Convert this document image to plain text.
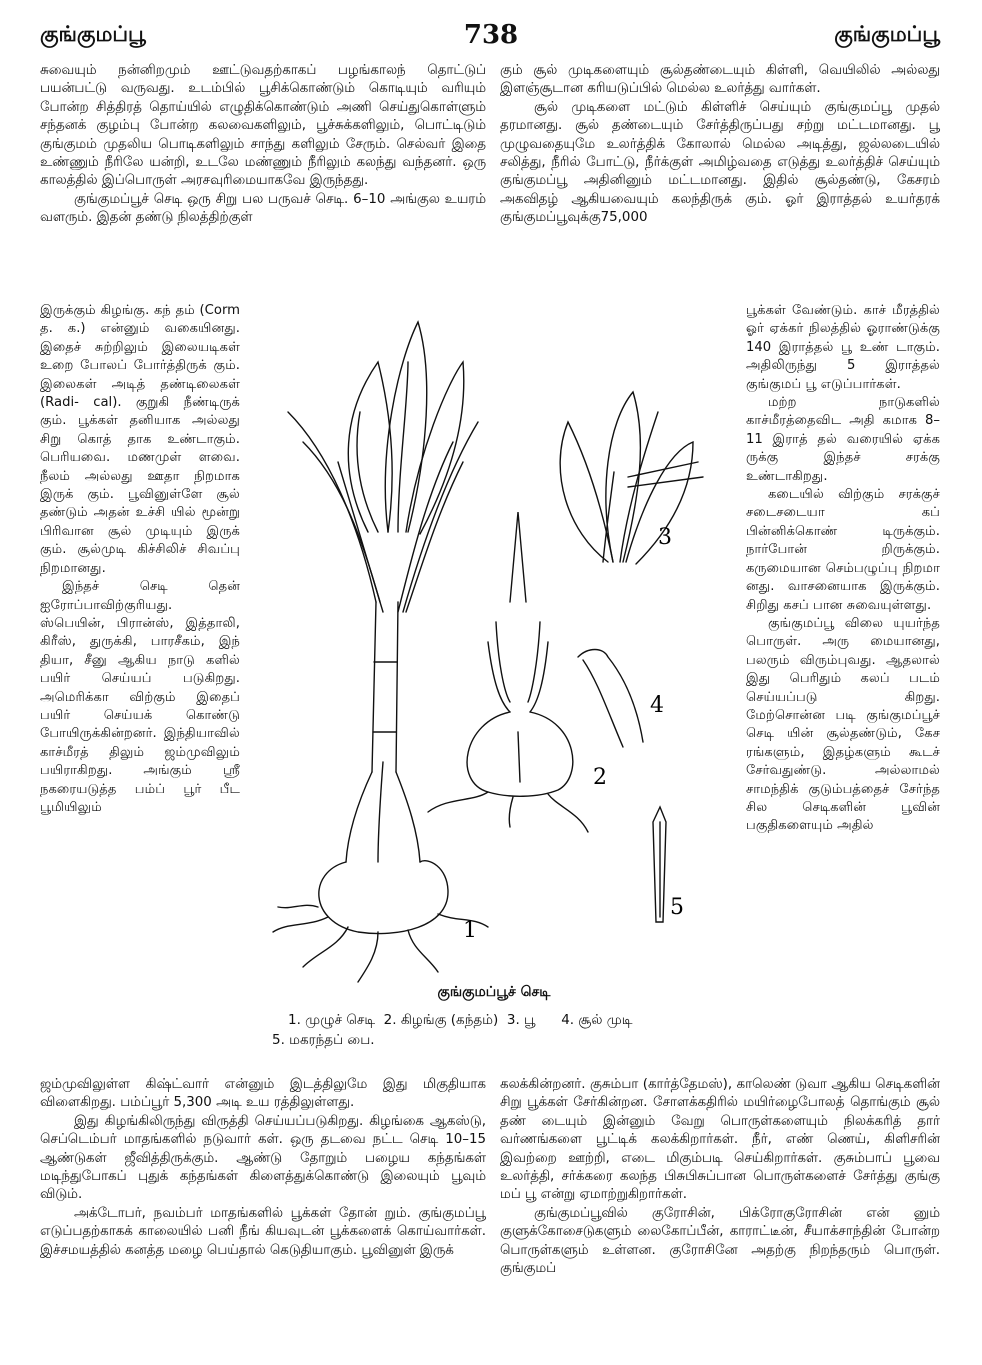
குங்குமப்பூ	738	குங்குமப்பூ

சுவையும் நன்னிறமும் ஊட்டுவதற்காகப் பழங்காலந் தொட்டுப் பயன்பட்டு வருவது. உடம்பில் பூசிக்கொண்டும் கொடியும் வரியும் போன்ற சித்திரத் தொய்யில் எழுதிக்கொண்டும் அணி செய்துகொள்ளும் சந்தனக் குழம்பு போன்ற கலவைகளிலும், பூச்சுக்களிலும், பொட்டிடும் குங்குமம் முதலிய பொடிகளிலும் சாந்து களிலும் சேரும். செல்வர் இதை உண்ணும் நீரிலே யன்றி, உடலே மண்ணும் நீரிலும் கலந்து வந்தனர். ஒரு காலத்தில் இப்பொருள் அரசவுரிமையாகவே இருந்தது.

குங்குமப்பூச் செடி ஒரு சிறு பல பருவச் செடி. 6–10 அங்குல உயரம் வளரும். இதன் தண்டு நிலத்திற்குள்

இருக்கும் கிழங்கு. கந் தம் (Corm த. க.) என்னும் வகையினது. இதைச் சுற்றிலும் இலையடிகள் உறை போலப் போர்த்திருக் கும். இலைகள் அடித் தண்டிலைகள் (Radi- cal). குறுகி நீண்டிருக் கும். பூக்கள் தனியாக அல்லது சிறு கொத் தாக உண்டாகும். பெரியவை. மணமுள் ளவை. நீலம் அல்லது ஊதா நிறமாக இருக் கும். பூவினுள்ளே சூல் தண்டும் அதன் உச்சி யில் மூன்று பிரிவான சூல் முடியும் இருக் கும். சூல்முடி கிச்சிலிச் சிவப்பு நிறமானது.

இந்தச் செடி தென் ஐரோப்பாவிற்குரியது. ஸ்பெயின், பிரான்ஸ், இத்தாலி, கிரீஸ், துருக்கி, பாரசீகம், இந் தியா, சீனு ஆகிய நாடு களில் பயிர் செய்யப் படுகிறது. அமெரிக்கா விற்கும் இதைப் பயிர் செய்யக் கொண்டு போயிருக்கின்றனர். இந்தியாவில் காச்மீரத் திலும் ஜம்முவிலும் பயிராகிறது. அங்கும் ஸ்ரீ நகரையடுத்த பம்ப் பூர் பீட பூமியிலும்

ஜம்முவிலுள்ள கிஷ்ட்வார் என்னும் இடத்திலுமே இது மிகுதியாக விளைகிறது. பம்ப்பூர் 5,300 அடி உய ரத்திலுள்ளது.

இது கிழங்கிலிருந்து விருத்தி செய்யப்படுகிறது. கிழங்கை ஆகஸ்டு, செப்டெம்பர் மாதங்களில் நடுவார் கள். ஒரு தடவை நட்ட செடி 10–15 ஆண்டுகள் ஜீவித்திருக்கும். ஆண்டு தோறும் பழைய கந்தங்கள் மடிந்துபோகப் புதுக் கந்தங்கள் கிளைத்துக்கொண்டு இலையும் பூவும் விடும்.

அக்டோபர், நவம்பர் மாதங்களில் பூக்கள் தோன் றும். குங்குமப்பூ எடுப்பதற்காகக் காலையில் பனி நீங் கியவுடன் பூக்களைக் கொய்வார்கள். இச்சமயத்தில் கனத்த மழை பெய்தால் கெடுதியாகும். பூவினுள் இருக்

கும் சூல் முடிகளையும் சூல்தண்டையும் கிள்ளி, வெயிலில் அல்லது இளஞ்சூடான கரியடுப்பில் மெல்ல உலர்த்து வார்கள்.

சூல் முடிகளை மட்டும் கிள்ளிச் செய்யும் குங்குமப்பூ முதல் தரமானது. சூல் தண்டையும் சேர்த்திருப்பது சற்று மட்டமானது. பூ முழுவதையுமே உலர்த்திக் கோலால் மெல்ல அடித்து, ஜல்லடையில் சலித்து, நீரில் போட்டு, நீர்க்குள் அமிழ்வதை எடுத்து உலர்த்திச் செய்யும் குங்குமப்பூ அதினினும் மட்டமானது. இதில் சூல்தண்டு, கேசரம் அகவிதழ் ஆகியவையும் கலந்திருக் கும். ஓர் இராத்தல் உயர்தரக் குங்குமப்பூவுக்கு75,000

பூக்கள் வேண்டும். காச் மீரத்தில் ஓர் ஏக்கர் நிலத்தில் ஓராண்டுக்கு 140 இராத்தல் பூ உண் டாகும். அதிலிருந்து 5 இராத்தல் குங்குமப் பூ எடுப்பார்கள்.

மற்ற நாடுகளில் காச்மீரத்தைவிட அதி கமாக 8–11 இராத் தல் வரையில் ஏக்க ருக்கு இந்தச் சரக்கு உண்டாகிறது.

கடையில் விற்கும் சரக்குச் சடைசடையா கப் பின்னிக்கொண் டிருக்கும். நார்போன் றிருக்கும். கருமையான செம்பழுப்பு நிறமா னது. வாசனையாக இருக்கும். சிறிது கசப் பான சுவையுள்ளது.

குங்குமப்பூ விலை யுயர்ந்த பொருள். அரு மையானது, பலரும் விரும்புவது. ஆதலால் இது பெரிதும் கலப் படம் செய்யப்படு கிறது. மேற்சொன்ன படி குங்குமப்பூச் செடி யின் சூல்தண்டும், கேச ரங்களும், இதழ்களும் கூடச் சேர்வதுண்டு. அல்லாமல் சாமந்திக் குடும்பத்தைச் சேர்ந்த சில செடிகளின் பூவின் பகுதிகளையும் அதில்

கலக்கின்றனர். குசும்பா (கார்த்தேமஸ்), காலெண் டுவா ஆகிய செடிகளின் சிறு பூக்கள் சேர்கின்றன. சோளக்கதிரில் மயிர்ழைபோலத் தொங்கும் சூல் தண் டையும் இன்னும் வேறு பொருள்களையும் நிலக்கரித் தார் வர்ணங்களை பூட்டிக் கலக்கிறார்கள். நீர், எண் ணெய், கிளிசரின் இவற்றை ஊற்றி, எடை மிகும்படி செய்கிறார்கள். குசும்பாப் பூவை உலர்த்தி, சர்க்கரை கலந்த பிசுபிசுப்பான பொருள்களைச் சேர்த்து குங்கு மப் பூ என்று ஏமாற்றுகிறார்கள்.

குங்குமப்பூவில் குரோசின், பிக்ரோகுரோசின் என் னும் குளுக்கோசைடுகளும் லைகோப்பீன், காராட்டீன், சீயாக்சாந்தின் போன்ற பொருள்களும் உள்ளன. குரோசினே அதற்கு நிறந்தரும் பொருள். குங்குமப்

1
2
3
4
5
குங்குமப்பூச் செடி
1. முழுச் செடி  2. கிழங்கு (கந்தம்)  3. பூ      4. சூல் முடி
5. மகரந்தப் பை.
